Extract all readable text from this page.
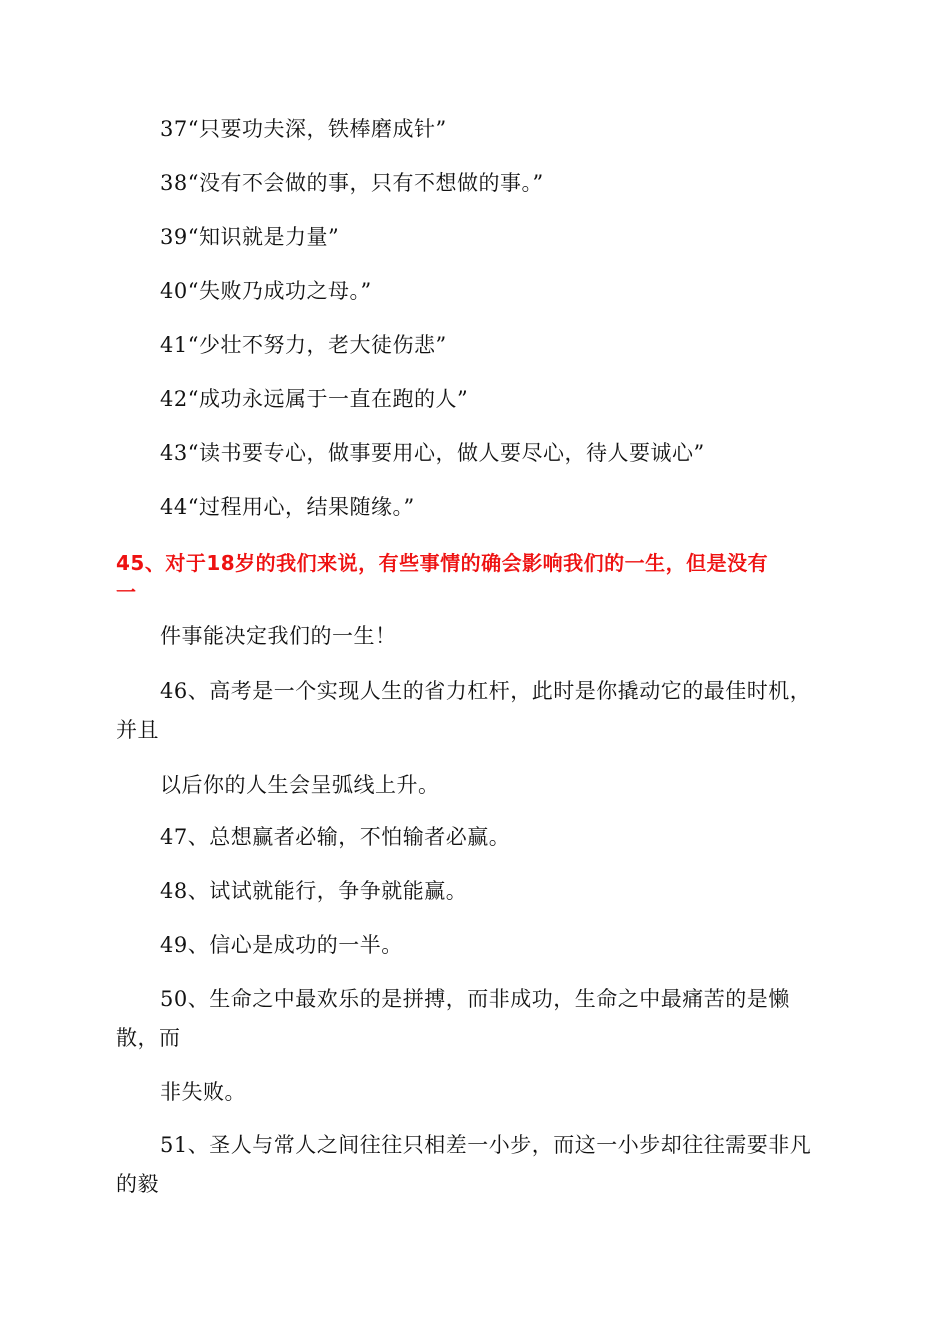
37“只要功夫深，铁棒磨成针”

38“没有不会做的事，只有不想做的事。”

39“知识就是力量”

40“失败乃成功之母。”

41“少壮不努力，老大徒伤悲”

42“成功永远属于一直在跑的人”

43“读书要专心，做事要用心，做人要尽心，待人要诚心”

44“过程用心，结果随缘。”

45、对于18岁的我们来说，有些事情的确会影响我们的一生，但是没有

一

件事能决定我们的一生！

46、高考是一个实现人生的省力杠杆，此时是你撬动它的最佳时机，

并且

以后你的人生会呈弧线上升。

47、总想赢者必输，不怕输者必赢。

48、试试就能行，争争就能赢。

49、信心是成功的一半。

50、生命之中最欢乐的是拼搏，而非成功，生命之中最痛苦的是懒

散，而

非失败。

51、圣人与常人之间往往只相差一小步，而这一小步却往往需要非凡

的毅
